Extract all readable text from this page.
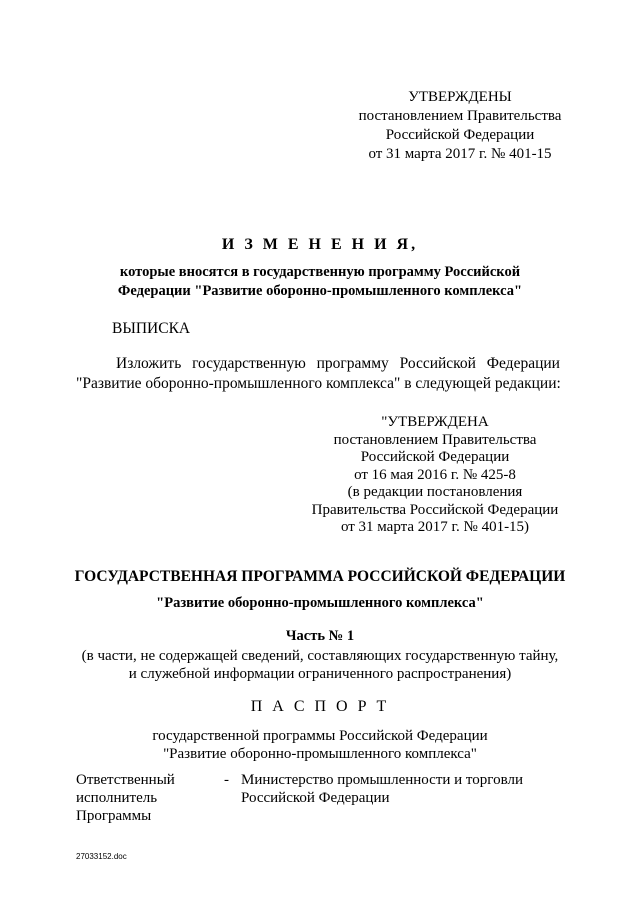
УТВЕРЖДЕНЫ
постановлением Правительства
Российской Федерации
от 31 марта 2017 г. № 401-15
И З М Е Н Е Н И Я,
которые вносятся в государственную программу Российской
Федерации "Развитие оборонно-промышленного комплекса"
ВЫПИСКА
Изложить государственную программу Российской Федерации
"Развитие оборонно-промышленного комплекса" в следующей редакции:
"УТВЕРЖДЕНА
постановлением Правительства
Российской Федерации
от 16 мая 2016 г. № 425-8
(в редакции постановления
Правительства Российской Федерации
от 31 марта 2017 г. № 401-15)
ГОСУДАРСТВЕННАЯ ПРОГРАММА РОССИЙСКОЙ ФЕДЕРАЦИИ
"Развитие оборонно-промышленного комплекса"
Часть № 1
(в части, не содержащей сведений, составляющих государственную тайну,
и служебной информации ограниченного распространения)
П А С П О Р Т
государственной программы Российской Федерации
"Развитие оборонно-промышленного комплекса"
Ответственный
исполнитель
Программы
- Министерство промышленности и торговли
Российской Федерации
27033152.doc
